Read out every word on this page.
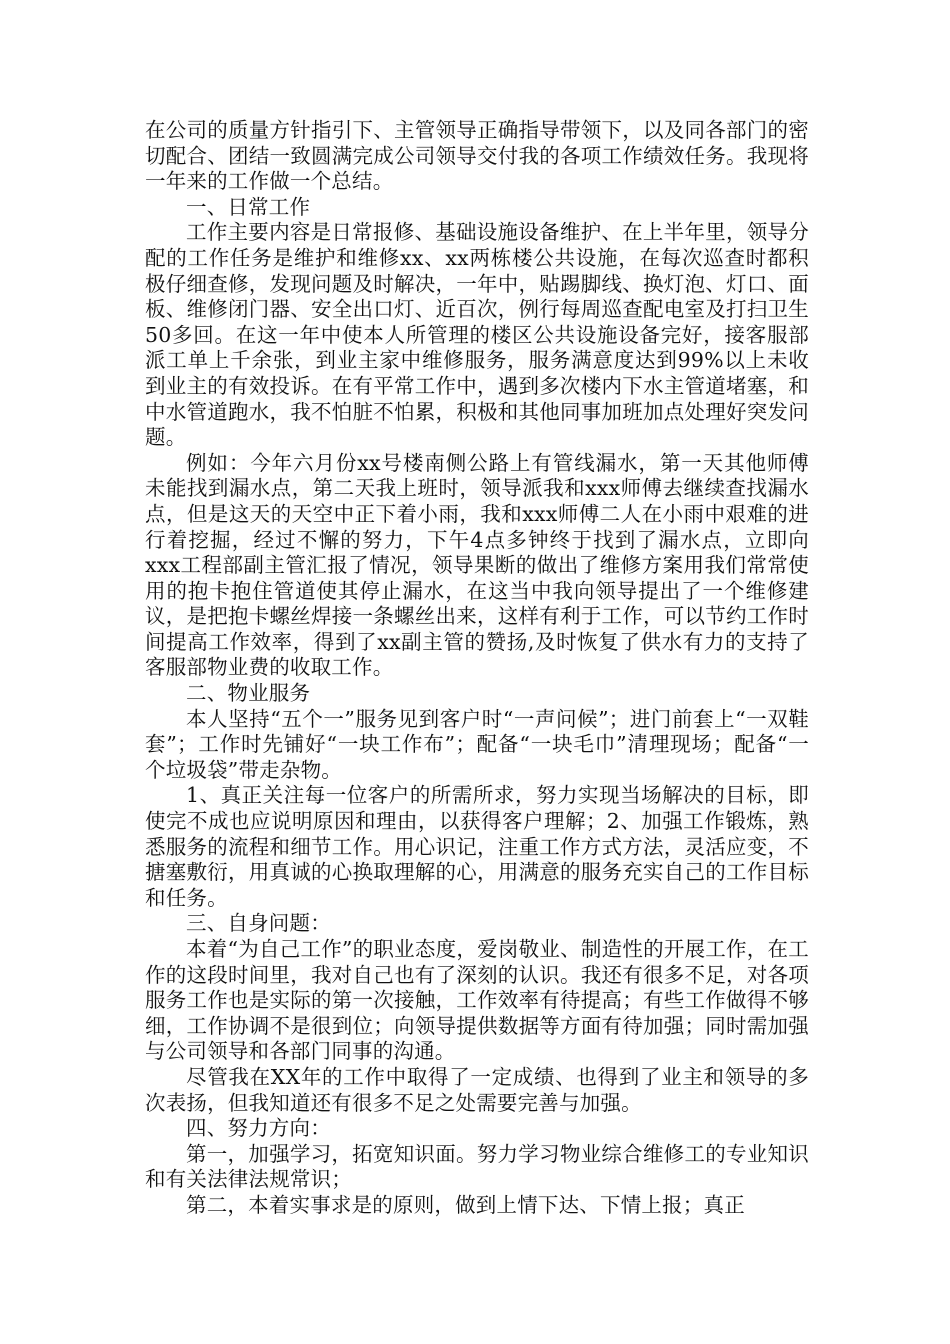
在公司的质量方针指引下、主管领导正确指导带领下，以及同各部门的密切配合、团结一致圆满完成公司领导交付我的各项工作绩效任务。我现将一年来的工作做一个总结。

一、日常工作

工作主要内容是日常报修、基础设施设备维护、在上半年里，领导分配的工作任务是维护和维修xx、xx两栋楼公共设施，在每次巡查时都积极仔细查修，发现问题及时解决，一年中，贴踢脚线、换灯泡、灯口、面板、维修闭门器、安全出口灯、近百次，例行每周巡查配电室及打扫卫生50多回。在这一年中使本人所管理的楼区公共设施设备完好，接客服部派工单上千余张，到业主家中维修服务，服务满意度达到99%以上未收到业主的有效投诉。在有平常工作中，遇到多次楼内下水主管道堵塞，和中水管道跑水，我不怕脏不怕累，积极和其他同事加班加点处理好突发问题。

例如：今年六月份xx号楼南侧公路上有管线漏水，第一天其他师傅未能找到漏水点，第二天我上班时，领导派我和xxx师傅去继续查找漏水点，但是这天的天空中正下着小雨，我和xxx师傅二人在小雨中艰难的进行着挖掘，经过不懈的努力，下午4点多钟终于找到了漏水点，立即向xxx工程部副主管汇报了情况，领导果断的做出了维修方案用我们常常使用的抱卡抱住管道使其停止漏水，在这当中我向领导提出了一个维修建议，是把抱卡螺丝焊接一条螺丝出来，这样有利于工作，可以节约工作时间提高工作效率，得到了xx副主管的赞扬,及时恢复了供水有力的支持了客服部物业费的收取工作。

二、物业服务

本人坚持“五个一”服务见到客户时“一声问候”；进门前套上“一双鞋套”；工作时先铺好“一块工作布”；配备“一块毛巾”清理现场；配备“一个垃圾袋”带走杂物。

1、真正关注每一位客户的所需所求，努力实现当场解决的目标，即使完不成也应说明原因和理由，以获得客户理解；2、加强工作锻炼，熟悉服务的流程和细节工作。用心识记，注重工作方式方法，灵活应变，不搪塞敷衍，用真诚的心换取理解的心，用满意的服务充实自己的工作目标和任务。

三、自身问题：

本着“为自己工作”的职业态度，爱岗敬业、制造性的开展工作，在工作的这段时间里，我对自己也有了深刻的认识。我还有很多不足，对各项服务工作也是实际的第一次接触，工作效率有待提高；有些工作做得不够细，工作协调不是很到位；向领导提供数据等方面有待加强；同时需加强与公司领导和各部门同事的沟通。

尽管我在XX年的工作中取得了一定成绩、也得到了业主和领导的多次表扬，但我知道还有很多不足之处需要完善与加强。

四、努力方向：

第一，加强学习，拓宽知识面。努力学习物业综合维修工的专业知识和有关法律法规常识；

第二，本着实事求是的原则，做到上情下达、下情上报；真正
